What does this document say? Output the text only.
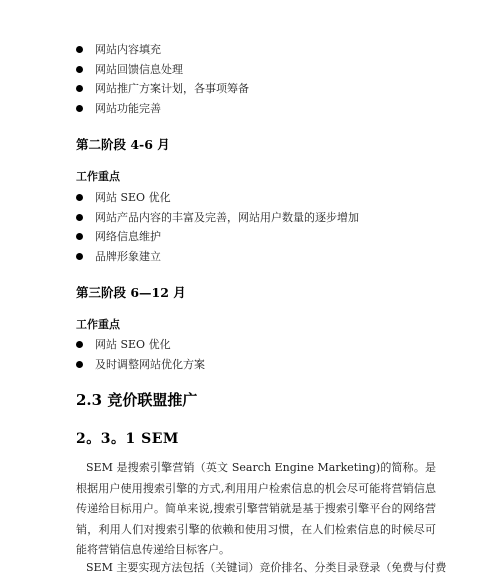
网站内容填充
网站回馈信息处理
网站推广方案计划，各事项筹备
网站功能完善
第二阶段 4-6 月
工作重点
网站 SEO 优化
网站产品内容的丰富及完善，网站用户数量的逐步增加
网络信息维护
品牌形象建立
第三阶段 6—12 月
工作重点
网站 SEO 优化
及时调整网站优化方案
2.3 竞价联盟推广
2。3。1 SEM
SEM 是搜索引擎营销（英文 Search Engine Marketing)的简称。是根据用户使用搜索引擎的方式,利用用户检索信息的机会尽可能将营销信息传递给目标用户。简单来说,搜索引擎营销就是基于搜索引擎平台的网络营销，利用人们对搜索引擎的依赖和使用习惯，在人们检索信息的时候尽可能将营销信息传递给目标客户。
SEM 主要实现方法包括（关键词）竞价排名、分类目录登录（免费与付费
